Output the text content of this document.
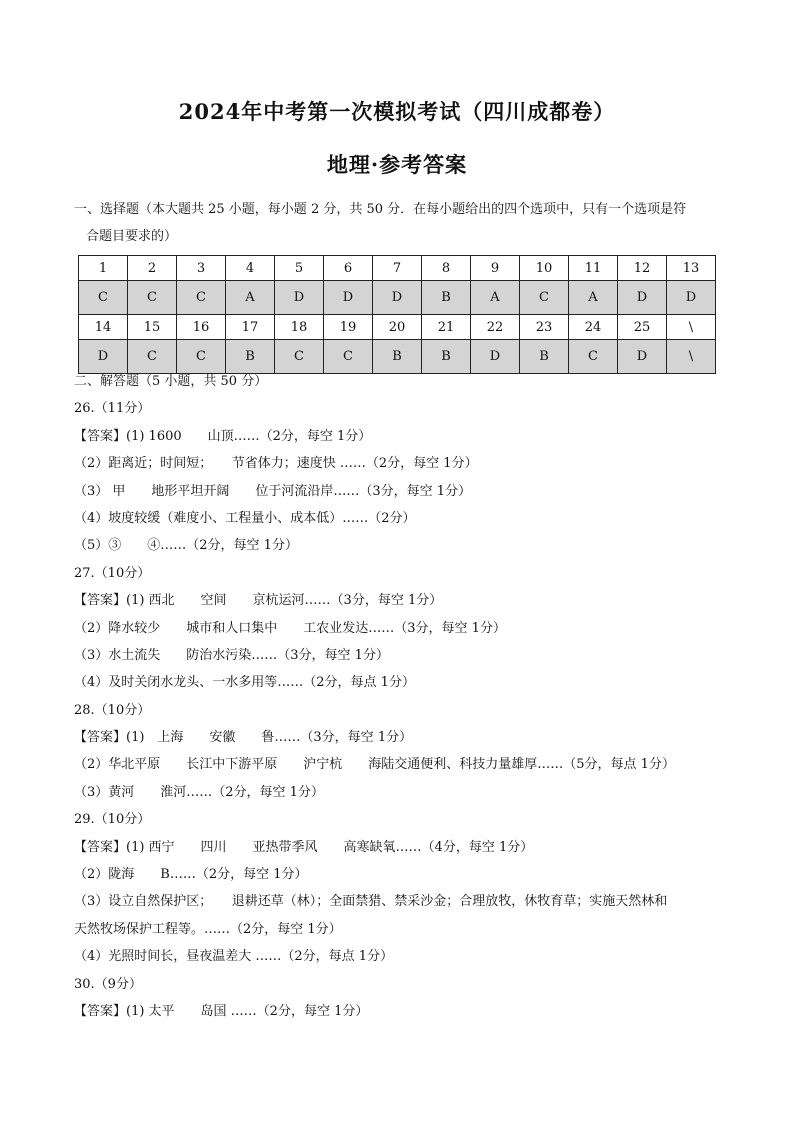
2024年中考第一次模拟考试（四川成都卷）
地理·参考答案
一、选择题（本大题共 25 小题，每小题 2 分，共 50 分．在每小题给出的四个选项中，只有一个选项是符
合题目要求的）
1	2	3	4	5	6	7	8	9	10	11	12	13
C	C	C	A	D	D	D	B	A	C	A	D	D
14	15	16	17	18	19	20	21	22	23	24	25	\
D	C	C	B	C	C	B	B	D	B	C	D	\
二、解答题（5 小题，共 50 分）
26.（11分）
【答案】(1) 1600　　山顶……（2分，每空 1分）
（2）距离近；时间短；　　节省体力；速度快 ……（2分，每空 1分）
（3） 甲　　地形平坦开阔　　位于河流沿岸……（3分，每空 1分）
（4）坡度较缓（难度小、工程量小、成本低）……（2分）
（5）③　　④……（2分，每空 1分）
27.（10分）
【答案】(1) 西北　　空间　　京杭运河……（3分，每空 1分）
（2）降水较少　　城市和人口集中　　工农业发达……（3分，每空 1分）
（3）水土流失　　防治水污染……（3分，每空 1分）
（4）及时关闭水龙头、一水多用等……（2分，每点 1分）
28.（10分）
【答案】(1)　上海　　安徽　　鲁……（3分，每空 1分）
（2）华北平原　　长江中下游平原　　沪宁杭　　海陆交通便利、科技力量雄厚……（5分，每点 1分）
（3）黄河　　淮河……（2分，每空 1分）
29.（10分）
【答案】(1) 西宁　　四川　　亚热带季风　　高寒缺氧……（4分，每空 1分）
（2）陇海　　B……（2分，每空 1分）
（3）设立自然保护区；　　退耕还草（林）；全面禁猎、禁采沙金；合理放牧，休牧育草；实施天然林和
天然牧场保护工程等。……（2分，每空 1分）
（4）光照时间长，昼夜温差大 ……（2分，每点 1分）
30.（9分）
【答案】(1) 太平　　岛国 ……（2分，每空 1分）
